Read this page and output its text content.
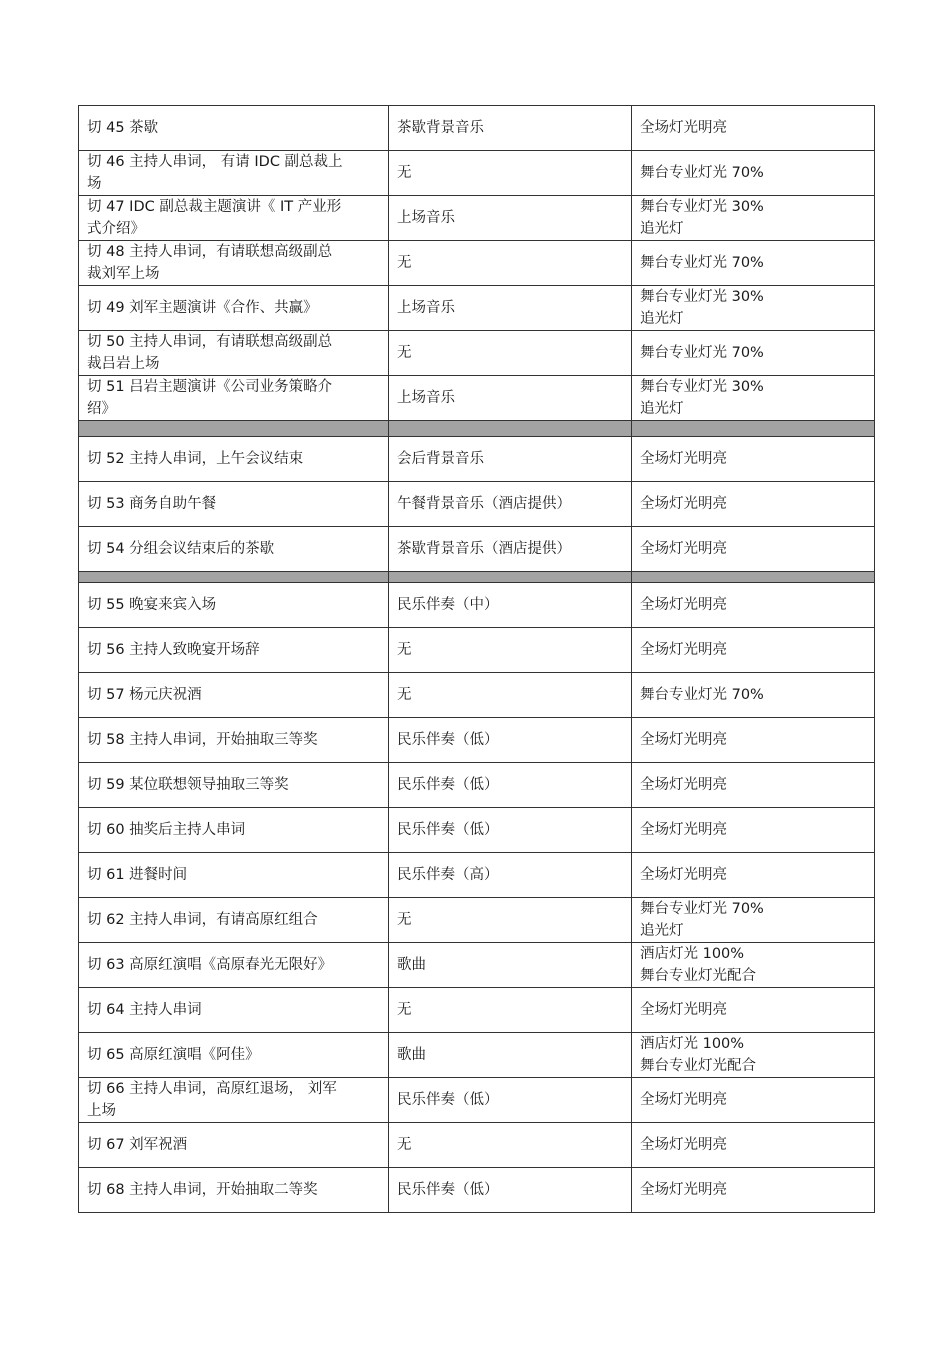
切 45 茶歇	茶歇背景音乐	全场灯光明亮

切 46 主持人串词， 有请 IDC 副总裁上
场	无	舞台专业灯光 70%

切 47 IDC 副总裁主题演讲《 IT 产业形
式介绍》	上场音乐	舞台专业灯光 30%
追光灯

切 48 主持人串词，有请联想高级副总
裁刘军上场	无	舞台专业灯光 70%

切 49 刘军主题演讲《合作、共赢》	上场音乐	舞台专业灯光 30%
追光灯

切 50 主持人串词，有请联想高级副总
裁吕岩上场	无	舞台专业灯光 70%

切 51 吕岩主题演讲《公司业务策略介
绍》	上场音乐	舞台专业灯光 30%
追光灯

切 52 主持人串词，上午会议结束	会后背景音乐	全场灯光明亮

切 53 商务自助午餐	午餐背景音乐（酒店提供）	全场灯光明亮

切 54 分组会议结束后的茶歇	茶歇背景音乐（酒店提供）	全场灯光明亮

切 55 晚宴来宾入场	民乐伴奏（中）	全场灯光明亮

切 56 主持人致晚宴开场辞	无	全场灯光明亮

切 57 杨元庆祝酒	无	舞台专业灯光 70%

切 58 主持人串词，开始抽取三等奖	民乐伴奏（低）	全场灯光明亮

切 59 某位联想领导抽取三等奖	民乐伴奏（低）	全场灯光明亮

切 60 抽奖后主持人串词	民乐伴奏（低）	全场灯光明亮

切 61 进餐时间	民乐伴奏（高）	全场灯光明亮

切 62 主持人串词，有请高原红组合	无	舞台专业灯光 70%
追光灯

切 63 高原红演唱《高原春光无限好》	歌曲	酒店灯光 100%
舞台专业灯光配合

切 64 主持人串词	无	全场灯光明亮

切 65 高原红演唱《阿佳》	歌曲	酒店灯光 100%
舞台专业灯光配合

切 66 主持人串词，高原红退场， 刘军
上场	民乐伴奏（低）	全场灯光明亮

切 67 刘军祝酒	无	全场灯光明亮

切 68 主持人串词，开始抽取二等奖	民乐伴奏（低）	全场灯光明亮
